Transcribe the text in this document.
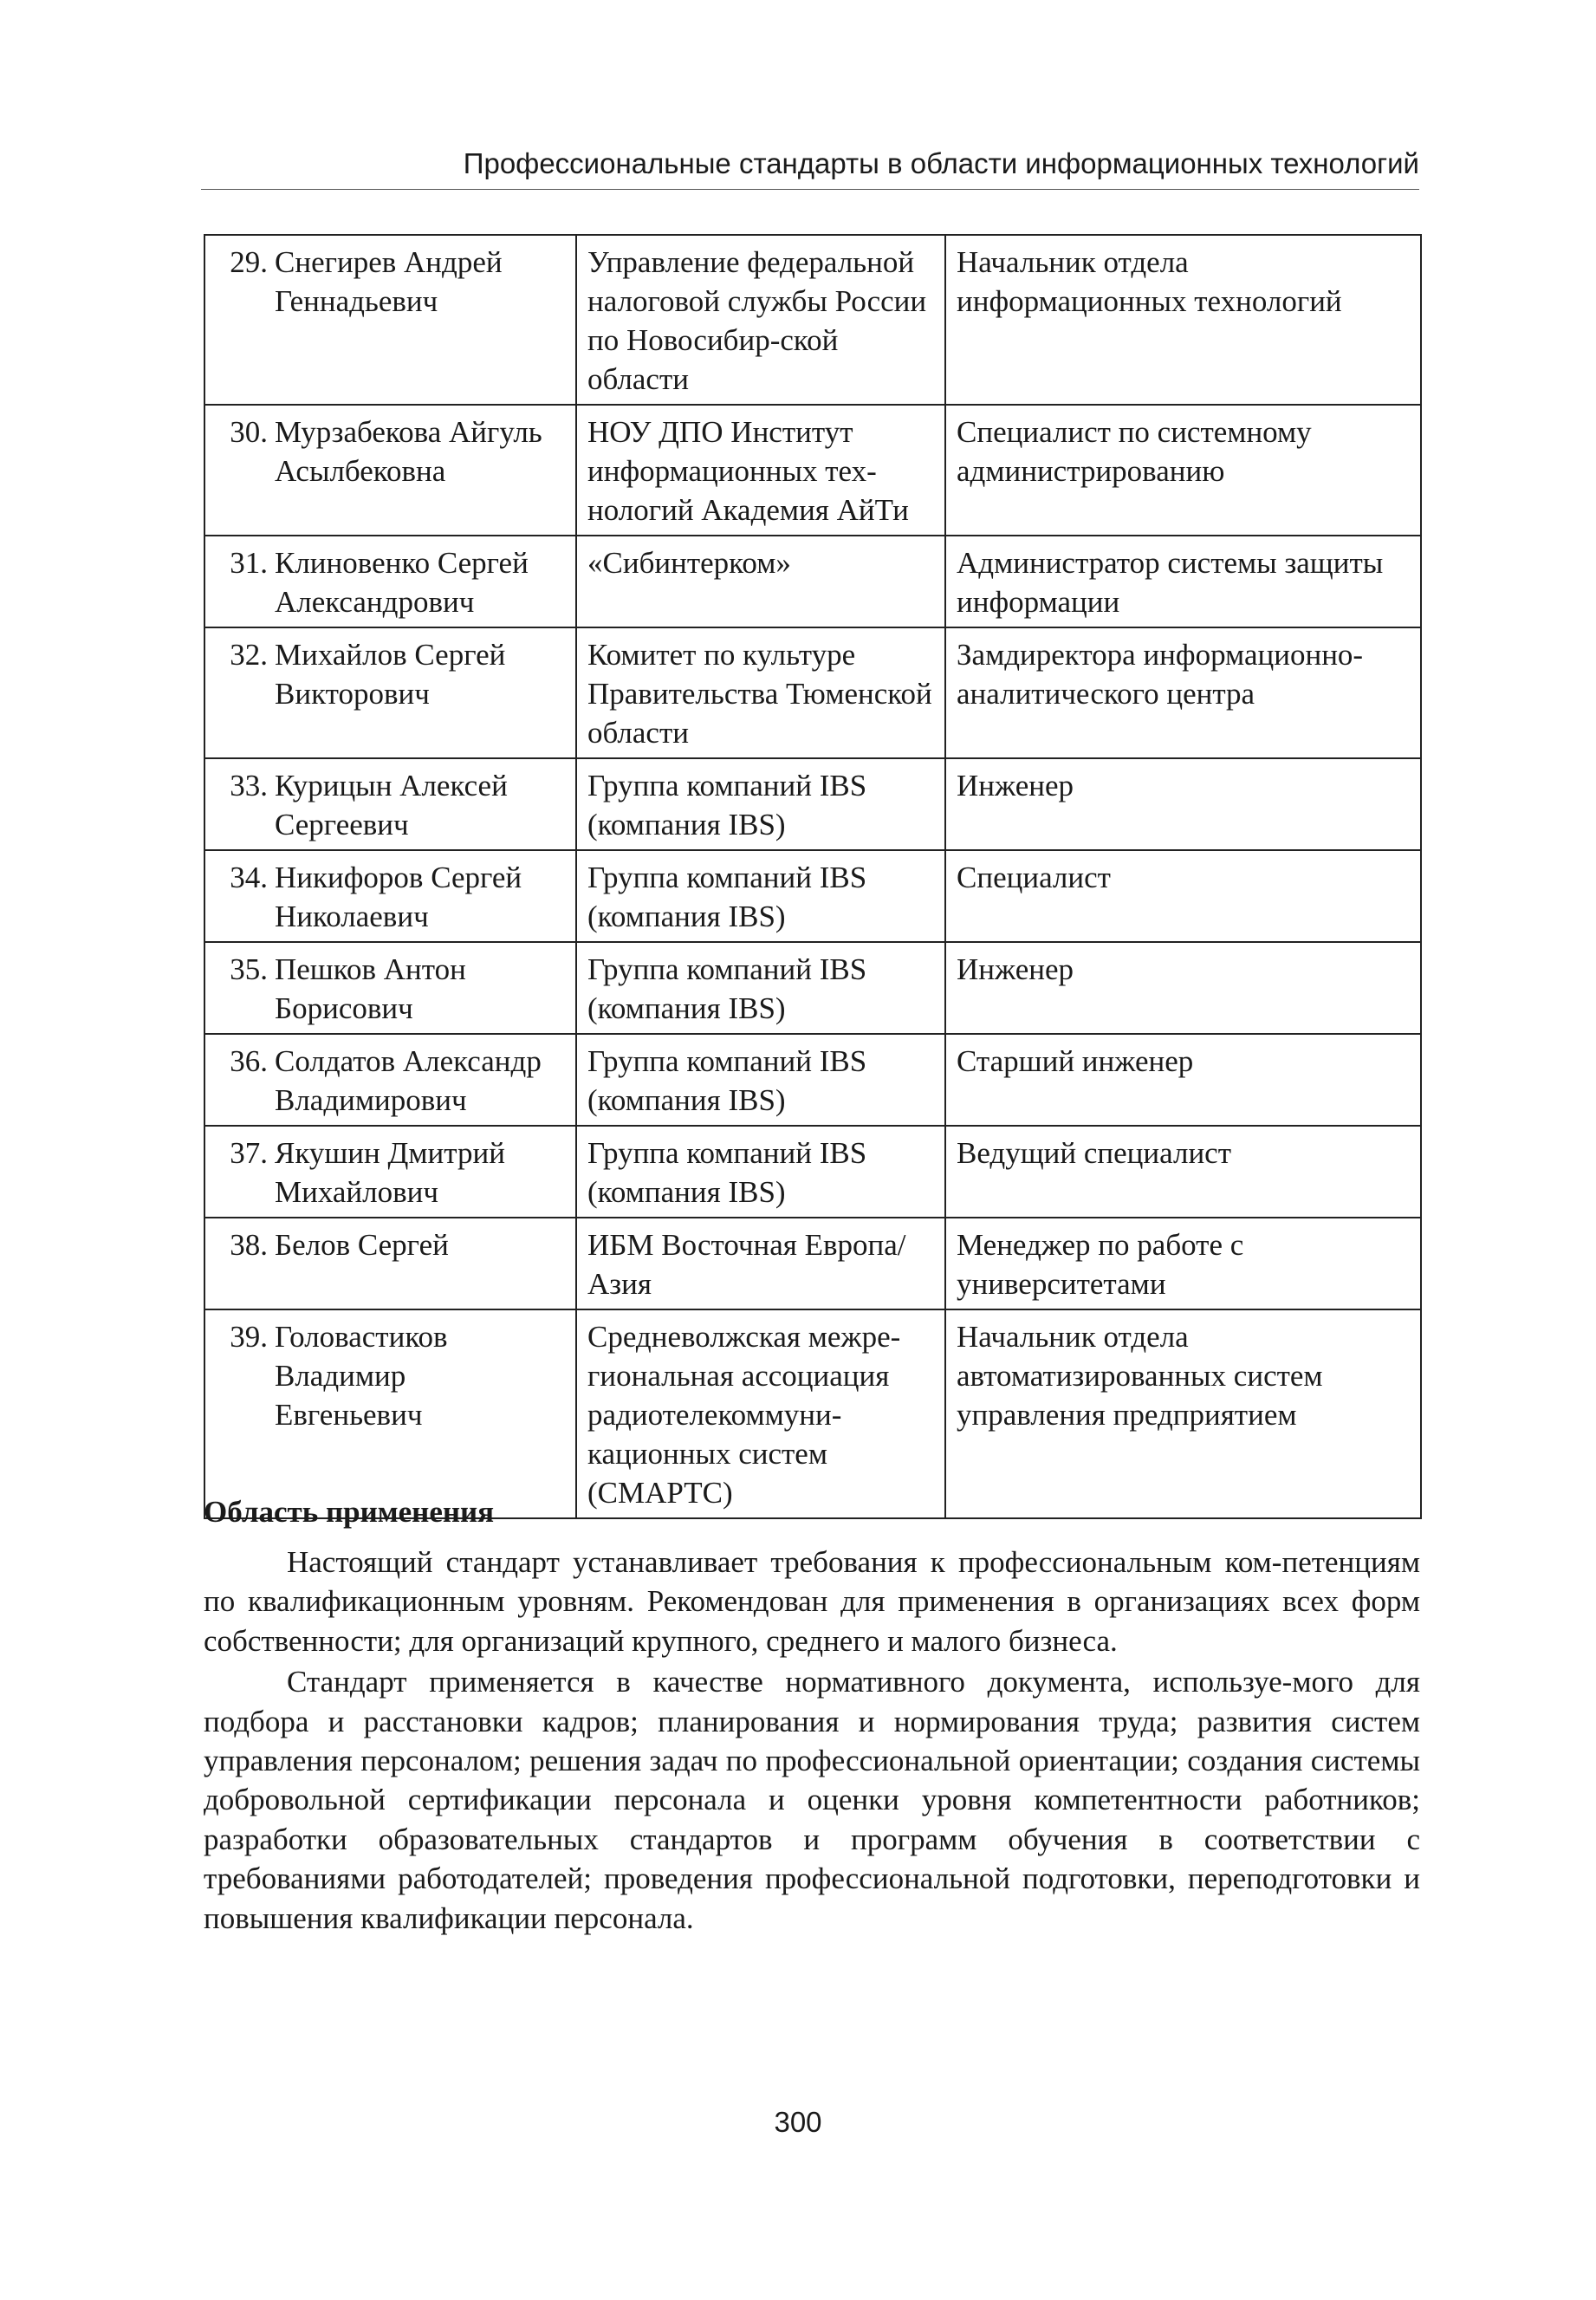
Профессиональные стандарты в области информационных технологий
29. Снегирев Андрей Геннадьевич	Управление федеральной налоговой службы России по Новосибир-ской области	Начальник отдела информационных технологий
30. Мурзабекова Айгуль Асылбековна	НОУ ДПО Институт информационных тех-нологий Академия АйТи	Специалист по системному администрированию
31. Клиновенко Сергей Александрович	«Сибинтерком»	Администратор системы защиты информации
32. Михайлов Сергей Викторович	Комитет по культуре Правительства Тюменской области	Замдиректора информационно-аналитического центра
33. Курицын Алексей Сергеевич	Группа компаний IBS (компания IBS)	Инженер
34. Никифоров Сергей Николаевич	Группа компаний IBS (компания IBS)	Специалист
35. Пешков Антон Борисович	Группа компаний IBS (компания IBS)	Инженер
36. Солдатов Александр Владимирович	Группа компаний IBS (компания IBS)	Старший инженер
37. Якушин Дмитрий Михайлович	Группа компаний IBS (компания IBS)	Ведущий специалист
38. Белов Сергей	ИБМ Восточная Европа/Азия	Менеджер по работе с университетами
39. Головастиков Владимир Евгеньевич	Средневолжская межре-гиональная ассоциация радиотелекоммуни-кационных систем (СМАРТС)	Начальник отдела автоматизированных систем управления предприятием
Область применения

Настоящий стандарт устанавливает требования к профессиональным ком-петенциям по квалификационным уровням. Рекомендован для применения в организациях всех форм собственности; для организаций крупного, среднего и малого бизнеса.

Стандарт применяется в качестве нормативного документа, используе-мого для подбора и расстановки кадров; планирования и нормирования труда; развития систем управления персоналом; решения задач по профессиональной ориентации; создания системы добровольной сертификации персонала и оценки уровня компетентности работников; разработки образовательных стандартов и программ обучения в соответствии с требованиями работодателей; проведения профессиональной подготовки, переподготовки и повышения квалификации персонала.

300
